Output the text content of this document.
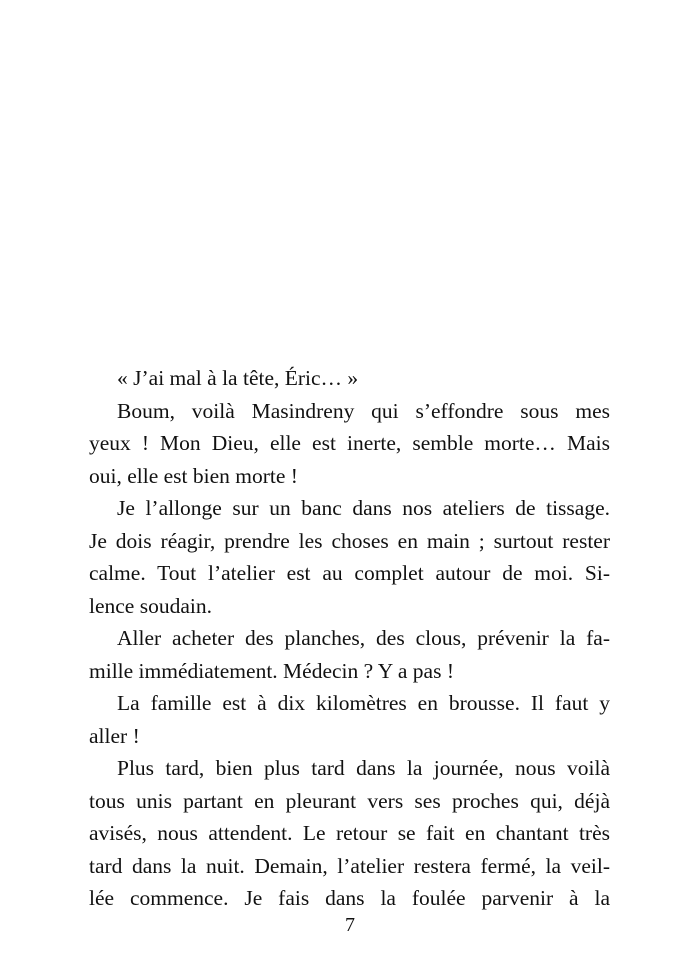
« J’ai mal à la tête, Éric… »
Boum, voilà Masindreny qui s’effondre sous mes
yeux ! Mon Dieu, elle est inerte, semble morte… Mais
oui, elle est bien morte !
Je l’allonge sur un banc dans nos ateliers de tissage.
Je dois réagir, prendre les choses en main ; surtout rester
calme. Tout l’atelier est au complet autour de moi. Si-
lence soudain.
Aller acheter des planches, des clous, prévenir la fa-
mille immédiatement. Médecin ? Y a pas !
La famille est à dix kilomètres en brousse. Il faut y
aller !
Plus tard, bien plus tard dans la journée, nous voilà
tous unis partant en pleurant vers ses proches qui, déjà
avisés, nous attendent. Le retour se fait en chantant très
tard dans la nuit. Demain, l’atelier restera fermé, la veil-
lée commence. Je fais dans la foulée parvenir à la
7
